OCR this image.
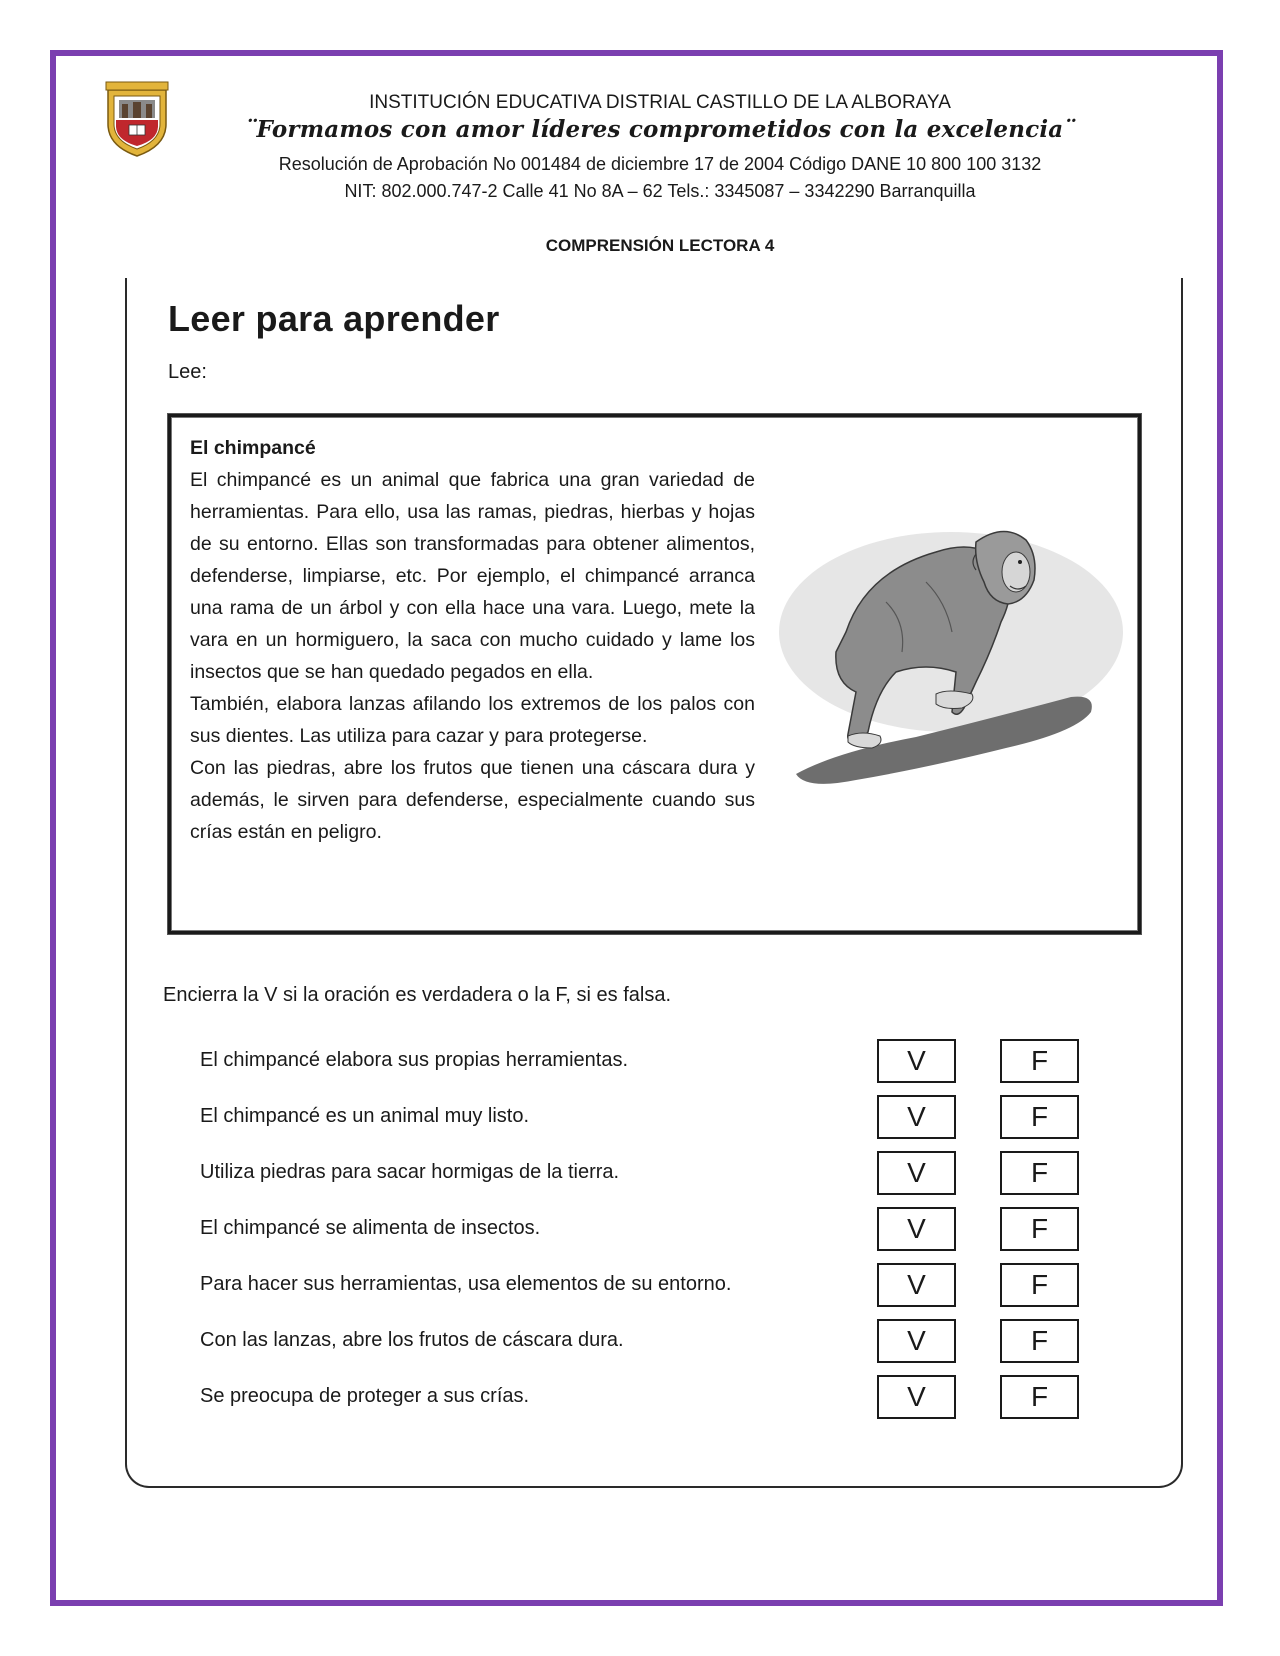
INSTITUCIÓN EDUCATIVA DISTRIAL CASTILLO DE LA ALBORAYA
¨Formamos con amor líderes comprometidos con la excelencia¨
Resolución de Aprobación No 001484 de diciembre 17 de 2004 Código DANE 10 800 100 3132
NIT: 802.000.747-2 Calle 41 No 8A – 62 Tels.: 3345087 – 3342290 Barranquilla
COMPRENSIÓN LECTORA 4
Leer para aprender
Lee:

El chimpancé

El chimpancé es un animal que fabrica una gran variedad de herramientas. Para ello, usa las ramas, piedras, hierbas y hojas de su entorno. Ellas son transformadas para obtener alimentos, defenderse, limpiarse, etc. Por ejemplo, el chimpancé arranca una rama de un árbol y con ella hace una vara. Luego, mete la vara en un hormiguero, la saca con mucho cuidado y lame los insectos que se han quedado pegados en ella.

También, elabora lanzas afilando los extremos de los palos con sus dientes. Las utiliza para cazar y para protegerse.

Con las piedras, abre los frutos que tienen una cáscara dura y además, le sirven para defenderse, especialmente cuando sus crías están en peligro.

Encierra la V si la oración es verdadera o la F, si es falsa.
El chimpancé elabora sus propias herramientas.	V	F
El chimpancé es un animal muy listo.	V	F
Utiliza piedras para sacar hormigas de la tierra.	V	F
El chimpancé se alimenta de insectos.	V	F
Para hacer sus herramientas, usa elementos de su entorno.	V	F
Con las lanzas, abre los frutos de cáscara dura.	V	F
Se preocupa de proteger a sus crías.	V	F
